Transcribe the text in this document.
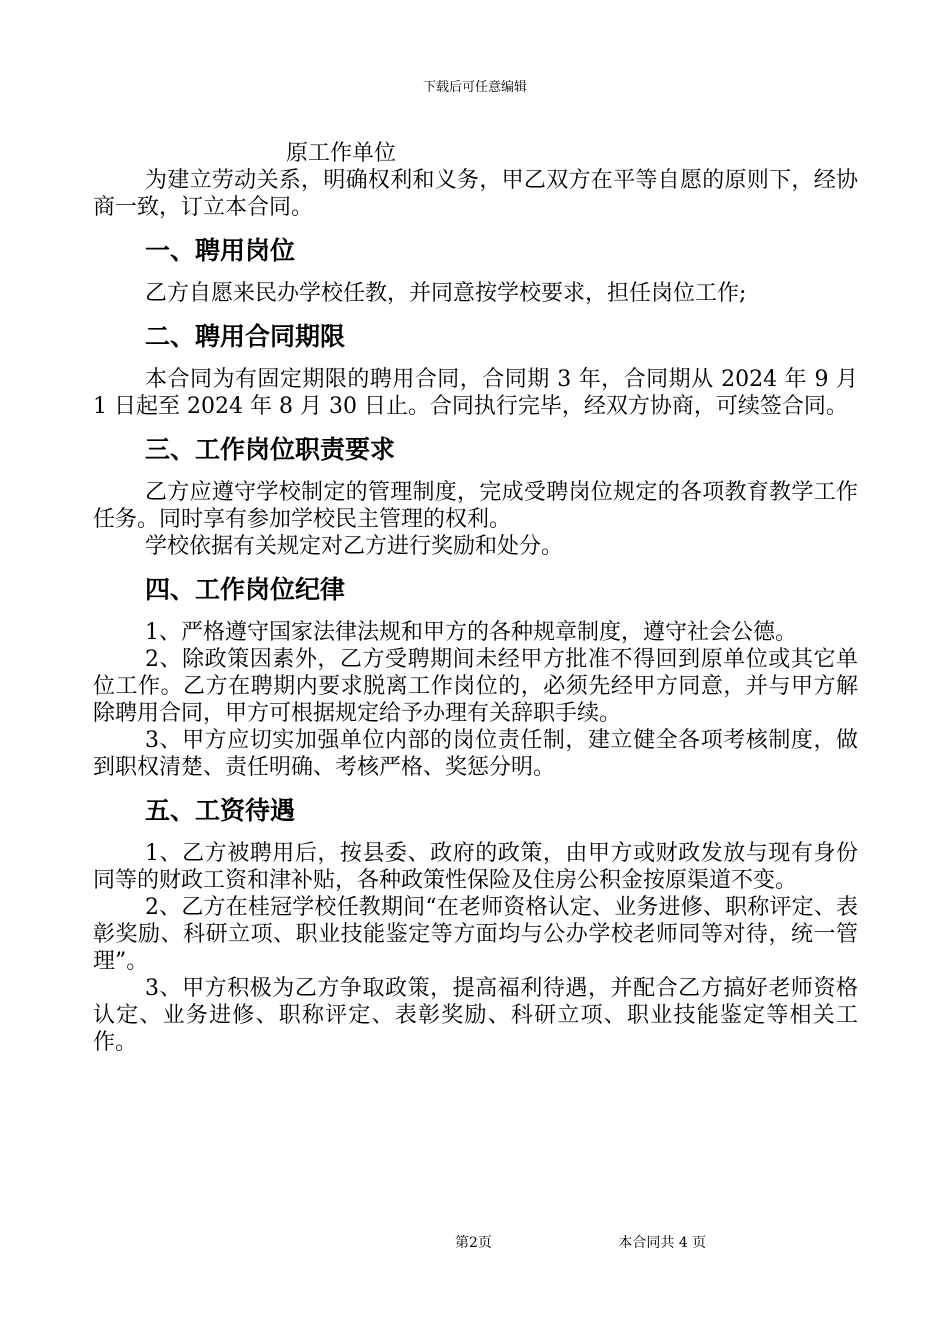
下载后可任意编辑

原工作单位

为建立劳动关系，明确权利和义务，甲乙双方在平等自愿的原则下，经协商一致，订立本合同。

一、聘用岗位

乙方自愿来民办学校任教，并同意按学校要求，担任岗位工作;

二、聘用合同期限

本合同为有固定期限的聘用合同，合同期 3 年，合同期从 2024 年 9 月 1 日起至 2024 年 8 月 30 日止。合同执行完毕，经双方协商，可续签合同。

三、工作岗位职责要求

乙方应遵守学校制定的管理制度，完成受聘岗位规定的各项教育教学工作任务。同时享有参加学校民主管理的权利。

学校依据有关规定对乙方进行奖励和处分。

四、工作岗位纪律

1、严格遵守国家法律法规和甲方的各种规章制度，遵守社会公德。

2、除政策因素外，乙方受聘期间未经甲方批准不得回到原单位或其它单位工作。乙方在聘期内要求脱离工作岗位的，必须先经甲方同意，并与甲方解除聘用合同，甲方可根据规定给予办理有关辞职手续。

3、甲方应切实加强单位内部的岗位责任制，建立健全各项考核制度，做到职权清楚、责任明确、考核严格、奖惩分明。

五、工资待遇

1、乙方被聘用后，按县委、政府的政策，由甲方或财政发放与现有身份同等的财政工资和津补贴，各种政策性保险及住房公积金按原渠道不变。

2、乙方在桂冠学校任教期间“在老师资格认定、业务进修、职称评定、表彰奖励、科研立项、职业技能鉴定等方面均与公办学校老师同等对待，统一管理”。

3、甲方积极为乙方争取政策，提高福利待遇，并配合乙方搞好老师资格认定、业务进修、职称评定、表彰奖励、科研立项、职业技能鉴定等相关工作。

第2页	本合同共 4 页
